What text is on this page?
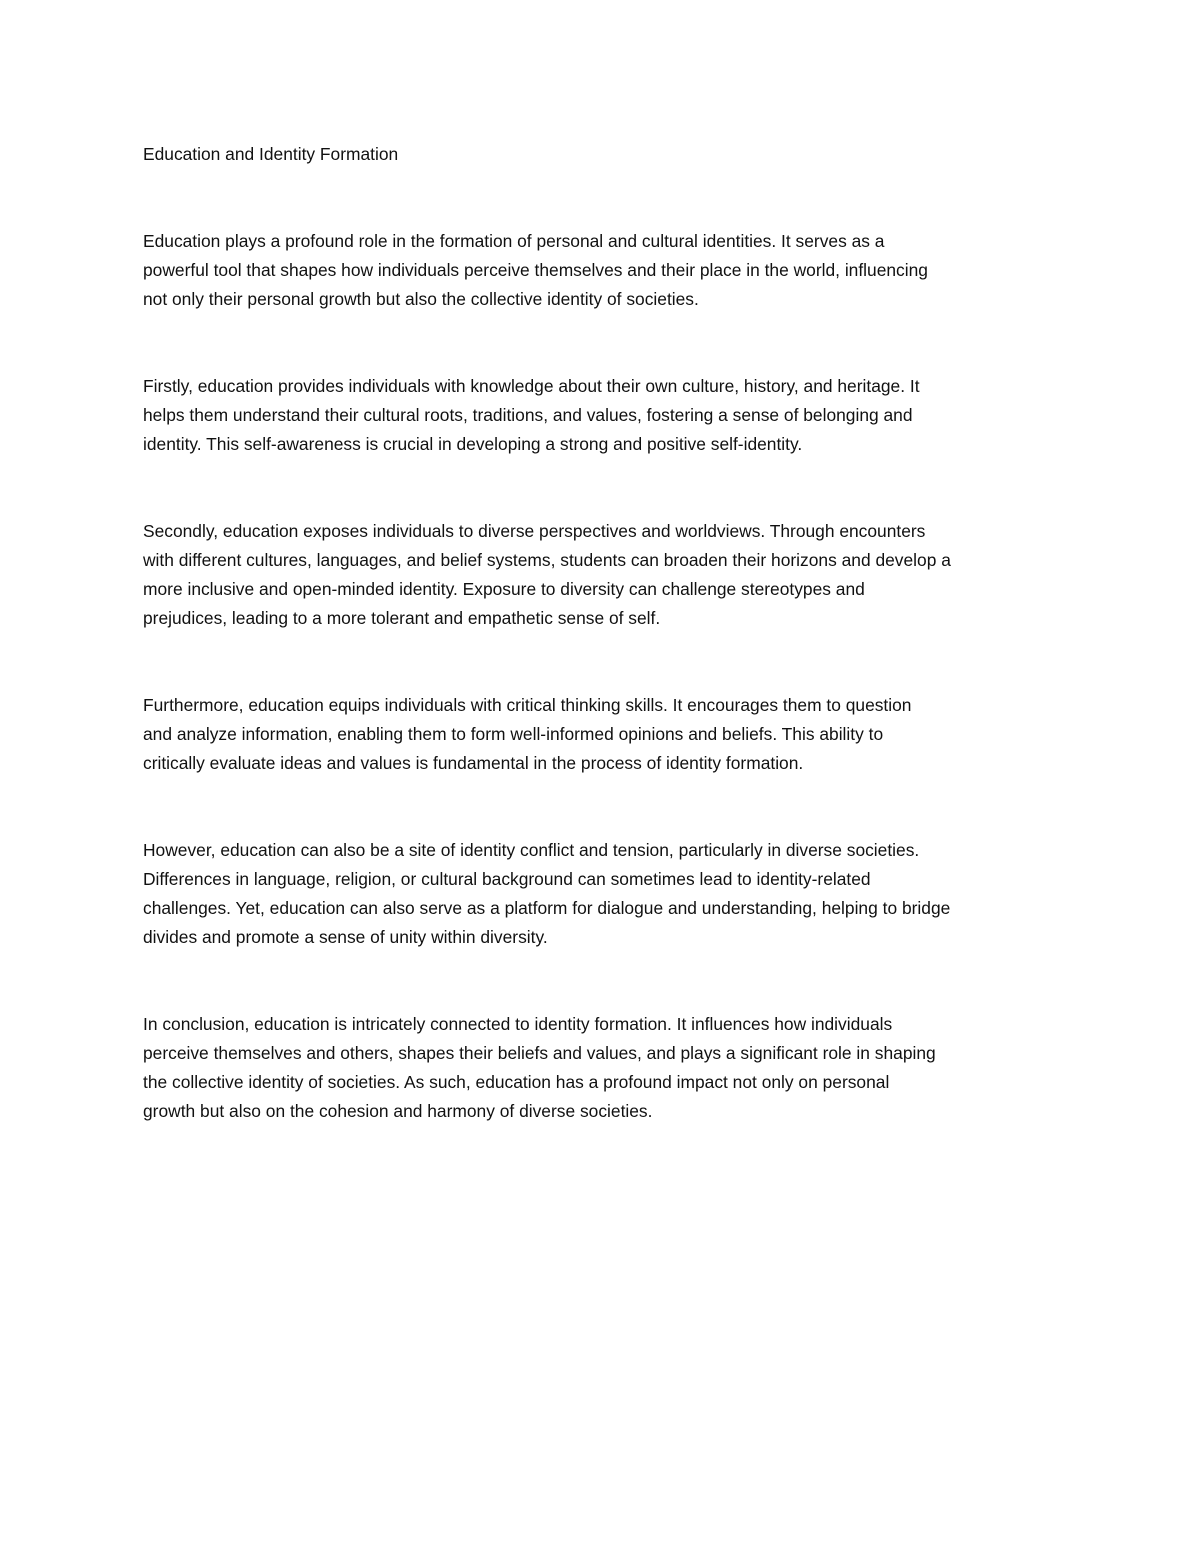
Education and Identity Formation

Education plays a profound role in the formation of personal and cultural identities. It serves as a
powerful tool that shapes how individuals perceive themselves and their place in the world, influencing
not only their personal growth but also the collective identity of societies.

Firstly, education provides individuals with knowledge about their own culture, history, and heritage. It
helps them understand their cultural roots, traditions, and values, fostering a sense of belonging and
identity. This self-awareness is crucial in developing a strong and positive self-identity.

Secondly, education exposes individuals to diverse perspectives and worldviews. Through encounters
with different cultures, languages, and belief systems, students can broaden their horizons and develop a
more inclusive and open-minded identity. Exposure to diversity can challenge stereotypes and
prejudices, leading to a more tolerant and empathetic sense of self.

Furthermore, education equips individuals with critical thinking skills. It encourages them to question
and analyze information, enabling them to form well-informed opinions and beliefs. This ability to
critically evaluate ideas and values is fundamental in the process of identity formation.

However, education can also be a site of identity conflict and tension, particularly in diverse societies.
Differences in language, religion, or cultural background can sometimes lead to identity-related
challenges. Yet, education can also serve as a platform for dialogue and understanding, helping to bridge
divides and promote a sense of unity within diversity.

In conclusion, education is intricately connected to identity formation. It influences how individuals
perceive themselves and others, shapes their beliefs and values, and plays a significant role in shaping
the collective identity of societies. As such, education has a profound impact not only on personal
growth but also on the cohesion and harmony of diverse societies.
